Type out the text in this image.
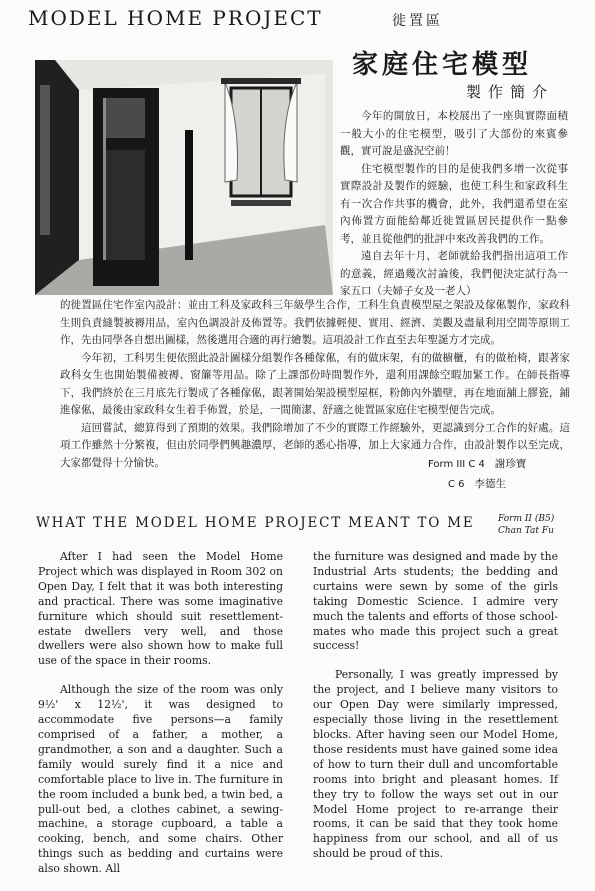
MODEL HOME PROJECT	徙置區
家庭住宅模型
製作簡介

今年的開放日，本校展出了一座與實際面積一般大小的住宅模型，吸引了大部份的來賓參觀，實可說是盛況空前！

住宅模型製作的目的是使我們多增一次從事實際設計及製作的經驗，也使工科生和家政科生有一次合作共事的機會，此外，我們還希望在室內佈置方面能給鄰近徙置區居民提供作一點參考，並且從他們的批評中來改善我們的工作。

遠自去年十月，老師就給我們指出這項工作的意義，經過幾次討論後，我們便決定試行為一家五口（夫婦子女及一老人）

的徙置區住宅作室內設計：並由工科及家政科三年級學生合作，工科生負責模型屋之架設及傢俬製作，家政科生則負責縫製被褥用品，室內色調設計及佈置等。我們依據輕便、實用、經濟、美觀及盡量利用空間等原則工作，先由同學各自想出圖樣，然後選用合適的再行繪製。這項設計工作直至去年聖誕方才完成。

今年初，工科男生便依照此設計圖樣分組製作各種傢俬，有的做床架，有的做櫥櫃，有的做枱椅，跟著家政科女生也開始製備被褥、窗簾等用品。除了上課部份時間製作外，還利用課餘空暇加緊工作。在師長指導下，我們終於在三月底先行製成了各種傢俬，跟著開始架設模型屋框，粉飾內外牆壁，再在地面舖上膠瓷，鋪進傢俬，最後由家政科女生着手佈置，於是，一間簡潔、舒適之徙置區家庭住宅模型便告完成。

這回嘗試，總算得到了預期的效果。我們除增加了不少的實際工作經驗外，更認識到分工合作的好處。這項工作雖然十分繁複，但由於同學們興趣濃厚，老師的悉心指導，加上大家通力合作，由設計製作以至完成，大家都覺得十分愉快。	Form III C 4 謝珍寶
C 6 李德生
WHAT THE MODEL HOME PROJECT MEANT TO ME	Form II (B5)
Chan Tat Fu

After I had seen the Model Home Project which was displayed in Room 302 on Open Day, I felt that it was both interesting and practical. There was some imaginative furniture which should suit resettlement-estate dwellers very well, and those dwellers were also shown how to make full use of the space in their rooms.

Although the size of the room was only 9½' x 12½', it was designed to accommodate five persons—a family comprised of a father, a mother, a grandmother, a son and a daughter. Such a family would surely find it a nice and comfortable place to live in. The furniture in the room included a bunk bed, a twin bed, a pull-out bed, a clothes cabinet, a sewing-machine, a storage cupboard, a table a cooking, bench, and some chairs. Other things such as bedding and curtains were also shown. All

the furniture was designed and made by the Industrial Arts students; the bedding and curtains were sewn by some of the girls taking Domestic Science. I admire very much the talents and efforts of those school-mates who made this project such a great success!

Personally, I was greatly impressed by the project, and I believe many visitors to our Open Day were similarly impressed, especially those living in the resettlement blocks. After having seen our Model Home, those residents must have gained some idea of how to turn their dull and uncomfortable rooms into bright and pleasant homes. If they try to follow the ways set out in our Model Home project to re-arrange their rooms, it can be said that they took home happiness from our school, and all of us should be proud of this.
